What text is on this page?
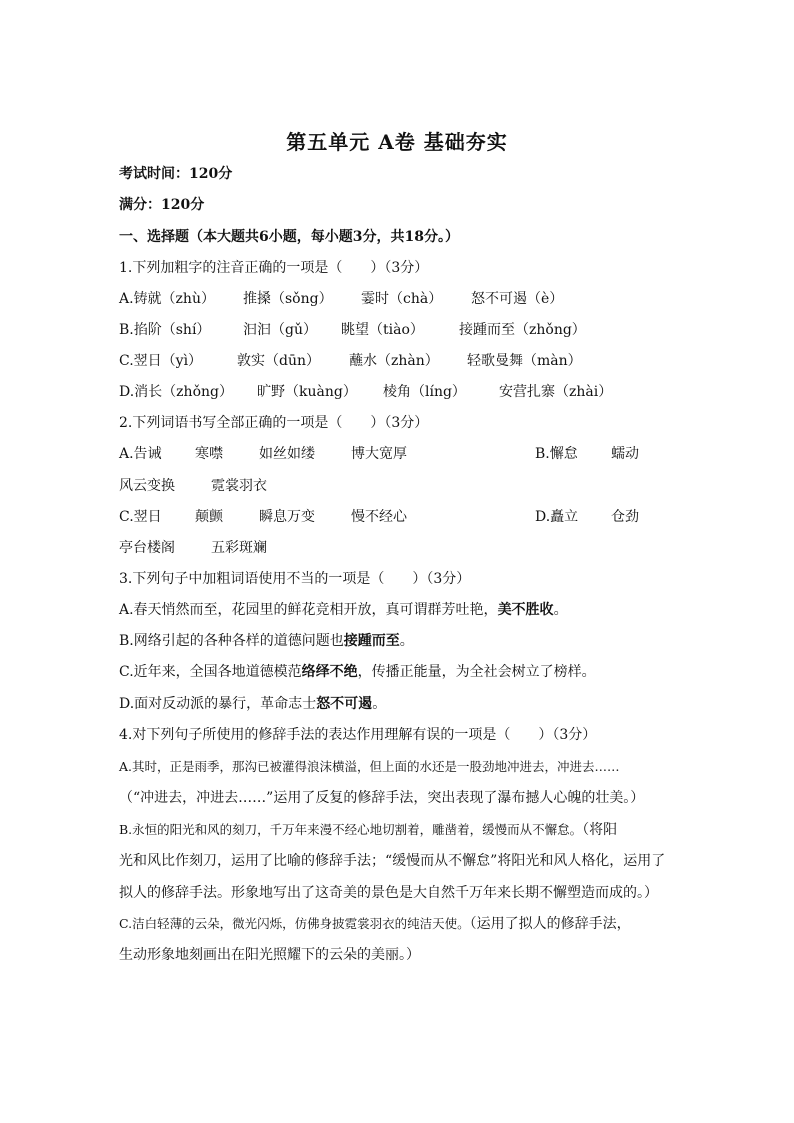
第五单元 A卷 基础夯实
考试时间：120分
满分：120分
一、选择题（本大题共6小题，每小题3分，共18分。）
1.下列加粗字的注音正确的一项是（　　）（3分）
A.铸就（zhù） 推搡（sǒng） 霎时（chà） 怒不可遏（è）
B.掐阶（shí） 汩汩（gǔ） 眺望（tiào）	接踵而至（zhǒng）
C.翌日（yì） 敦实（dūn） 蘸水（zhàn） 轻歌曼舞（màn）
D.消长（zhǒng） 旷野（kuàng） 棱角（líng） 安营扎寨（zhài）
2.下列词语书写全部正确的一项是（　　）（3分）
A.告诫 寒噤	如丝如缕	博大宽厚	B.懈怠 蠕动
风云变换	霓裳羽衣
C.翌日 颠颤	瞬息万变	慢不经心	D.矗立 仓劲
亭台楼阁	五彩斑斓
3.下列句子中加粗词语使用不当的一项是（　　）（3分）
A.春天悄然而至，花园里的鲜花竞相开放，真可谓群芳吐艳，美不胜收。
B.网络引起的各种各样的道德问题也接踵而至。
C.近年来，全国各地道德模范络绎不绝，传播正能量，为全社会树立了榜样。
D.面对反动派的暴行，革命志士怒不可遏。
4.对下列句子所使用的修辞手法的表达作用理解有误的一项是（　　）（3分）
A.其时，正是雨季，那沟已被灌得浪沫横溢，但上面的水还是一股劲地冲进去，冲进去……
（“冲进去，冲进去……”运用了反复的修辞手法，突出表现了瀑布撼人心魄的壮美。）
B.永恒的阳光和风的刻刀，千万年来漫不经心地切割着，雕凿着，缓慢而从不懈怠。（将阳
光和风比作刻刀，运用了比喻的修辞手法；“缓慢而从不懈怠”将阳光和风人格化，运用了
拟人的修辞手法。形象地写出了这奇美的景色是大自然千万年来长期不懈塑造而成的。）
C.洁白轻薄的云朵，微光闪烁，仿佛身披霓裳羽衣的纯洁天使。（运用了拟人的修辞手法，
生动形象地刻画出在阳光照耀下的云朵的美丽。）
